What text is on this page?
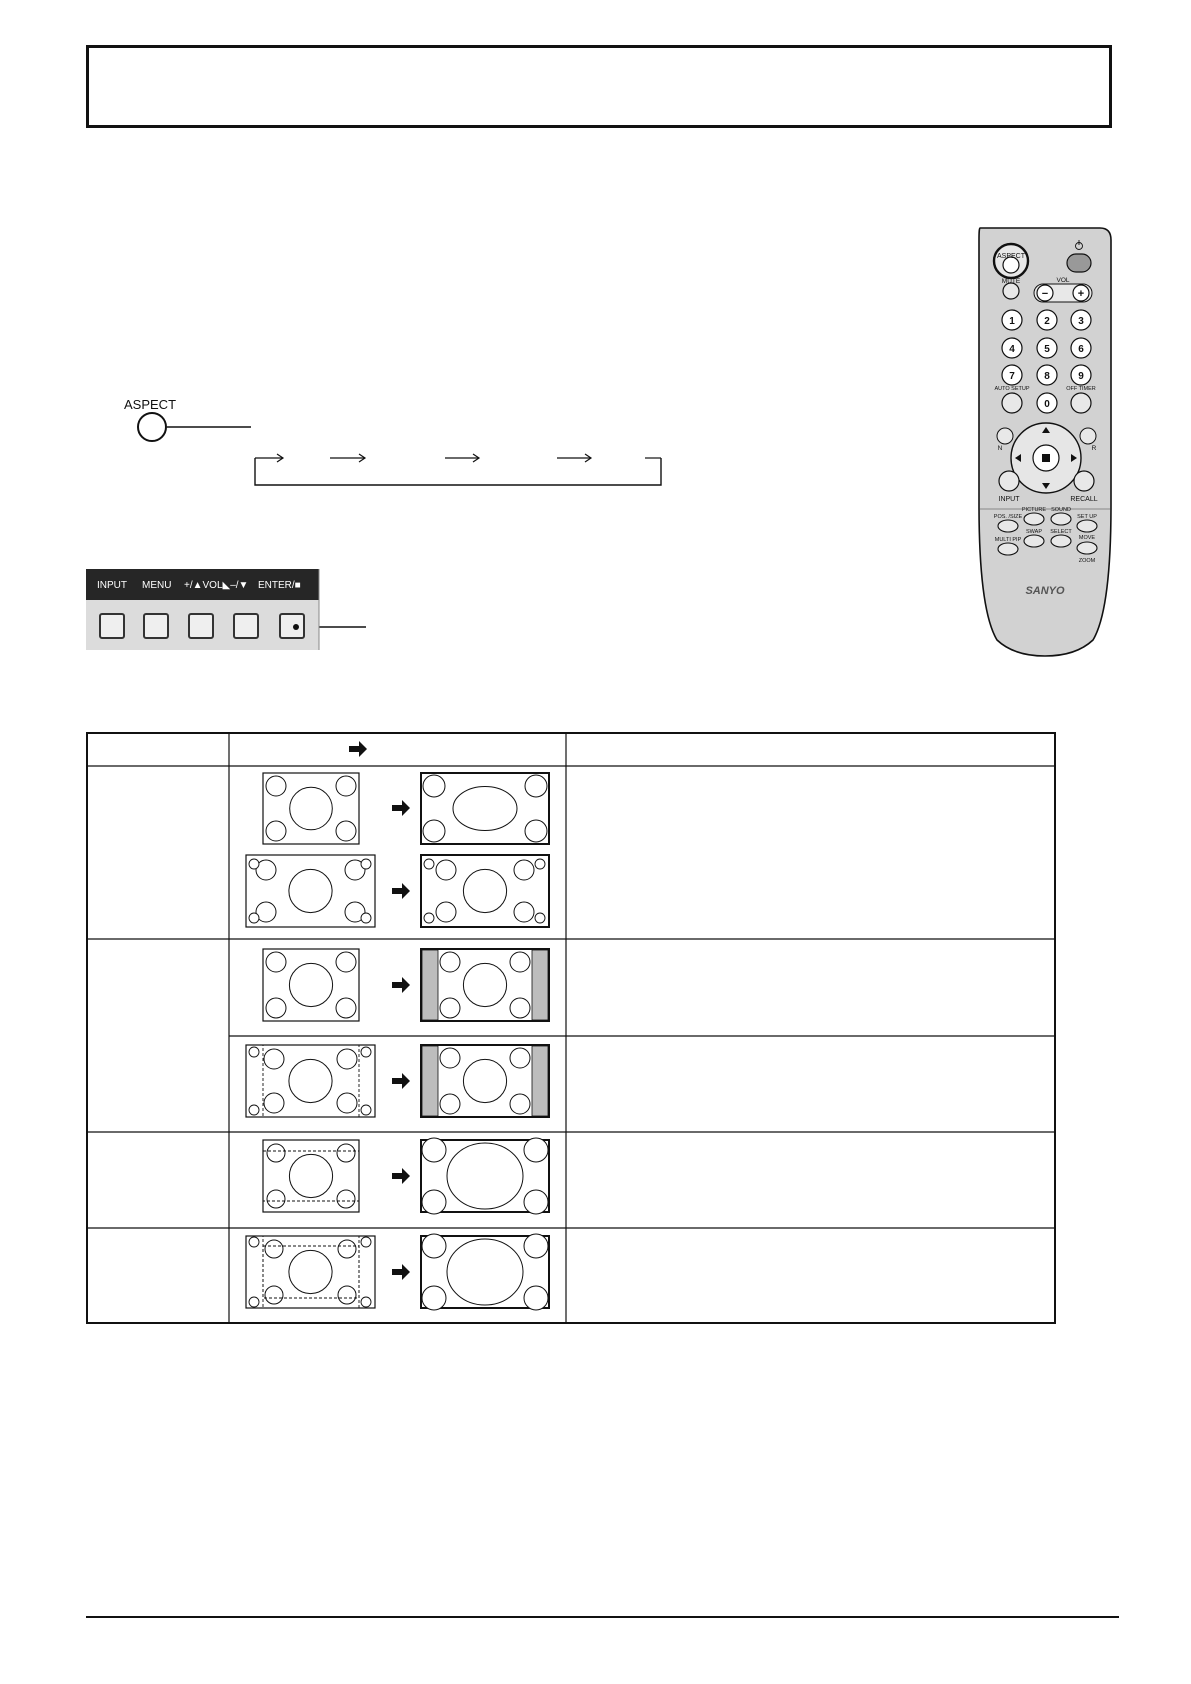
ASPECT
INPUT MENU +/▲VOL◣–/▼ ENTER/■
ASPECT
MUTE	VOL
−	+
1	2	3
4	5	6
7	8	9
0
AUTO SETUP	OFF TIMER
N	R
INPUT	RECALL
POS. /SIZE
PICTURE SOUND
SET UP
MULTI PIP
SWAP SELECT
MOVE
ZOOM
SANYO
